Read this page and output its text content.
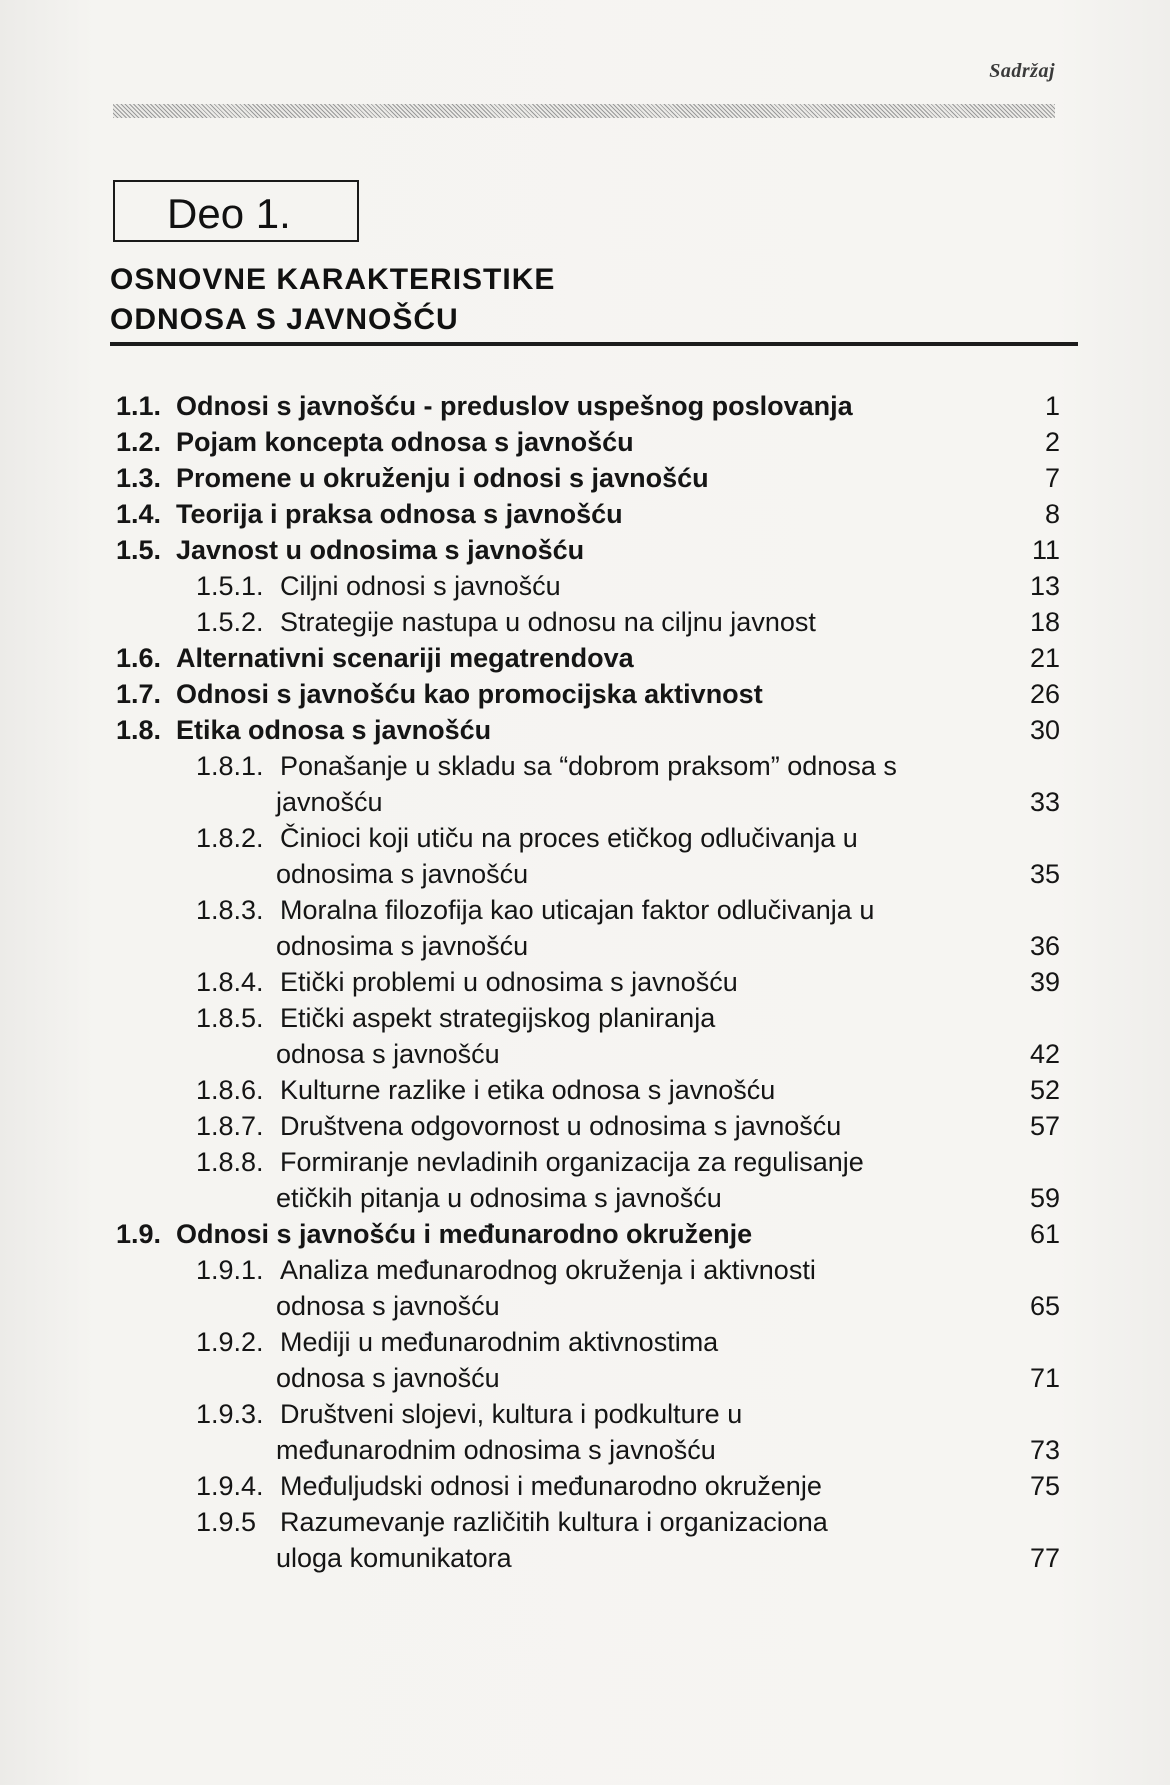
Sadržaj
Deo 1.
OSNOVNE KARAKTERISTIKE
ODNOSA S JAVNOŠĆU
1.1. Odnosi s javnošću - preduslov uspešnog poslovanja	1
1.2. Pojam koncepta odnosa s javnošću	2
1.3. Promene u okruženju i odnosi s javnošću	7
1.4. Teorija i praksa odnosa s javnošću	8
1.5. Javnost u odnosima s javnošću	11
1.5.1. Ciljni odnosi s javnošću	13
1.5.2. Strategije nastupa u odnosu na ciljnu javnost	18
1.6. Alternativni scenariji megatrendova	21
1.7. Odnosi s javnošću kao promocijska aktivnost	26
1.8. Etika odnosa s javnošću	30
1.8.1. Ponašanje u skladu sa “dobrom praksom” odnosa s
javnošću	33
1.8.2. Činioci koji utiču na proces etičkog odlučivanja u
odnosima s javnošću	35
1.8.3. Moralna filozofija kao uticajan faktor odlučivanja u
odnosima s javnošću	36
1.8.4. Etički problemi u odnosima s javnošću	39
1.8.5. Etički aspekt strategijskog planiranja
odnosa s javnošću	42
1.8.6. Kulturne razlike i etika odnosa s javnošću	52
1.8.7. Društvena odgovornost u odnosima s javnošću	57
1.8.8. Formiranje nevladinih organizacija za regulisanje
etičkih pitanja u odnosima s javnošću	59
1.9. Odnosi s javnošću i međunarodno okruženje	61
1.9.1. Analiza međunarodnog okruženja i aktivnosti
odnosa s javnošću	65
1.9.2. Mediji u međunarodnim aktivnostima
odnosa s javnošću	71
1.9.3. Društveni slojevi, kultura i podkulture u
međunarodnim odnosima s javnošću	73
1.9.4. Međuljudski odnosi i međunarodno okruženje	75
1.9.5 Razumevanje različitih kultura i organizaciona
uloga komunikatora	77
